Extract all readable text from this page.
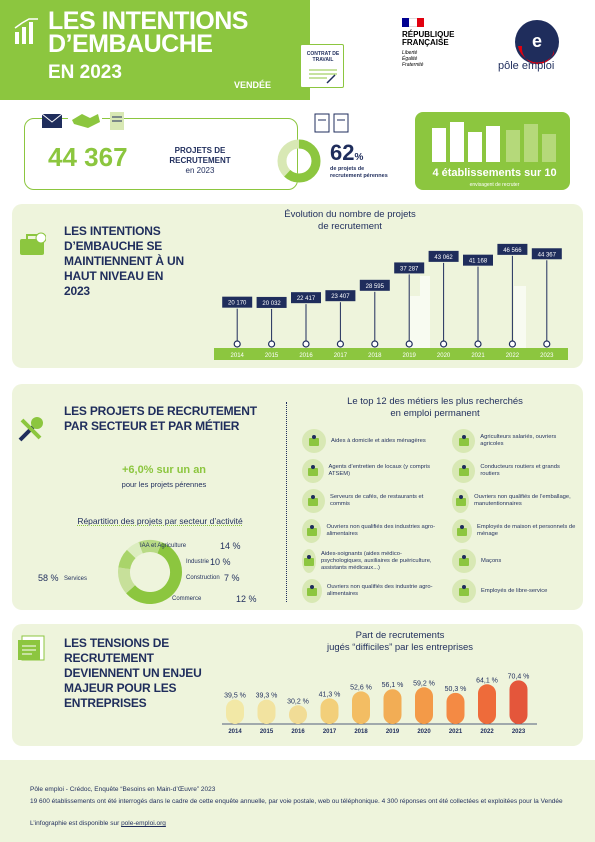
LES INTENTIONS
D’EMBAUCHE
EN 2023
VENDÉE
CONTRAT DE TRAVAIL
RÉPUBLIQUE
FRANÇAISE
Liberté
Égalité
Fraternité
e
pôle emploi
44 367	PROJETS DE RECRUTEMENT
en 2023
62%
de projets de recrutement pérennes	4 établissements sur 10
envisagent de recruter
LES INTENTIONS D’EMBAUCHE SE MAINTIENNENT À UN HAUT NIVEAU EN 2023
Évolution du nombre de projets
de recrutement
20 170
2014
20 032
2015
22 417
2016
23 407
2017
28 595
2018
37 287
2019
43 062
2020
41 168
2021
46 566
2022
44 367
2023
LES PROJETS DE RECRUTEMENT PAR SECTEUR ET PAR MÉTIER
+6,0% sur un an
pour les projets pérennes
Répartition des projets par secteur d’activité
58 % Services
IAA et Agriculture	14 %
Industrie 10 %
Construction 7 %
Commerce	12 %
Le top 12 des métiers les plus recherchés
en emploi permanent
Aides à domicile et aides ménagères
Agents d’entretien de locaux (y compris ATSEM)
Serveurs de cafés, de restaurants et commis
Ouvriers non qualifiés des industries agro-alimentaires
Aides-soignants (aides médico-psychologiques, auxiliaires de puériculture, assistants médicaux...)
Ouvriers non qualifiés des industrie agro-alimentaires
Agriculteurs salariés, ouvriers agricoles
Conducteurs routiers et grands routiers
Ouvriers non qualifiés de l’emballage, manutentionnaires
Employés de maison et personnels de ménage
Maçons
Employés de libre-service
LES TENSIONS DE RECRUTEMENT DEVIENNENT UN ENJEU MAJEUR POUR LES ENTREPRISES
Part de recrutements
jugés “difficiles” par les entreprises
39,5 %
2014
39,3 %
2015
30,2 %
2016
41,3 %
2017
52,6 %
2018
56,1 %
2019
59,2 %
2020
50,3 %
2021
64,1 %
2022
70,4 %
2023
Pôle emploi - Crédoc, Enquête “Besoins en Main-d’Œuvre” 2023
19 600 établissements ont été interrogés dans le cadre de cette enquête annuelle, par voie postale, web ou téléphonique. 4 300 réponses ont été collectées et exploitées pour la Vendée
L’infographie est disponible sur pole-emploi.org
